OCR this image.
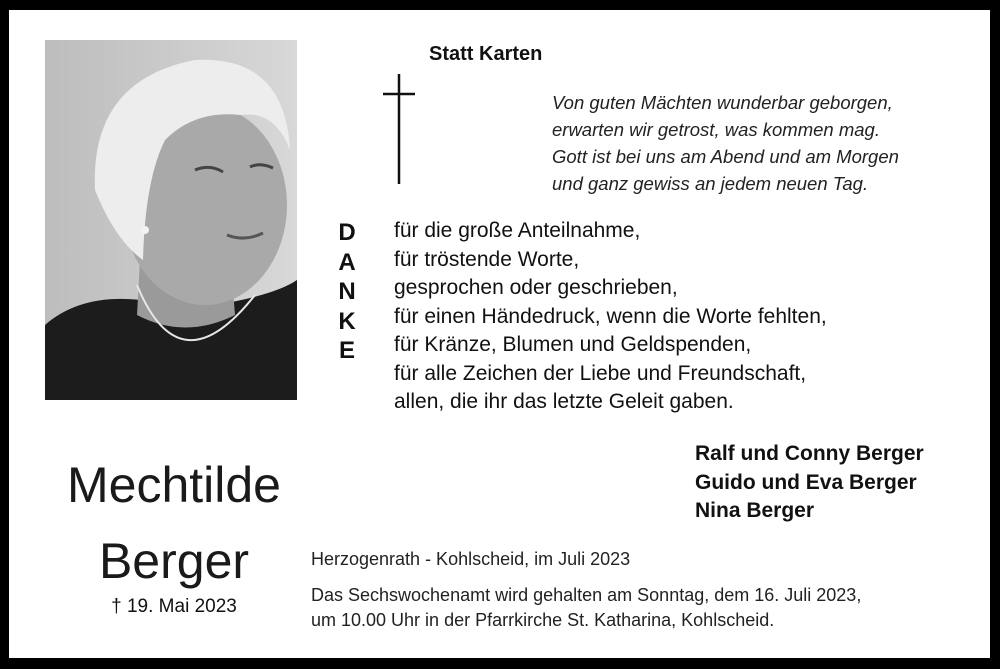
Statt Karten
Von guten Mächten wunderbar geborgen,
erwarten wir getrost, was kommen mag.
Gott ist bei uns am Abend und am Morgen
und ganz gewiss an jedem neuen Tag.
D
A
N
K
E
für die große Anteilnahme,
für tröstende Worte,
gesprochen oder geschrieben,
für einen Händedruck, wenn die Worte fehlten,
für Kränze, Blumen und Geldspenden,
für alle Zeichen der Liebe und Freundschaft,
allen, die ihr das letzte Geleit gaben.
Ralf und Conny Berger
Guido und Eva Berger
Nina Berger
Mechtilde
Berger
† 19. Mai 2023
Herzogenrath - Kohlscheid, im Juli 2023
Das Sechswochenamt wird gehalten am Sonntag, dem 16. Juli 2023,
um 10.00 Uhr in der Pfarrkirche St. Katharina, Kohlscheid.
